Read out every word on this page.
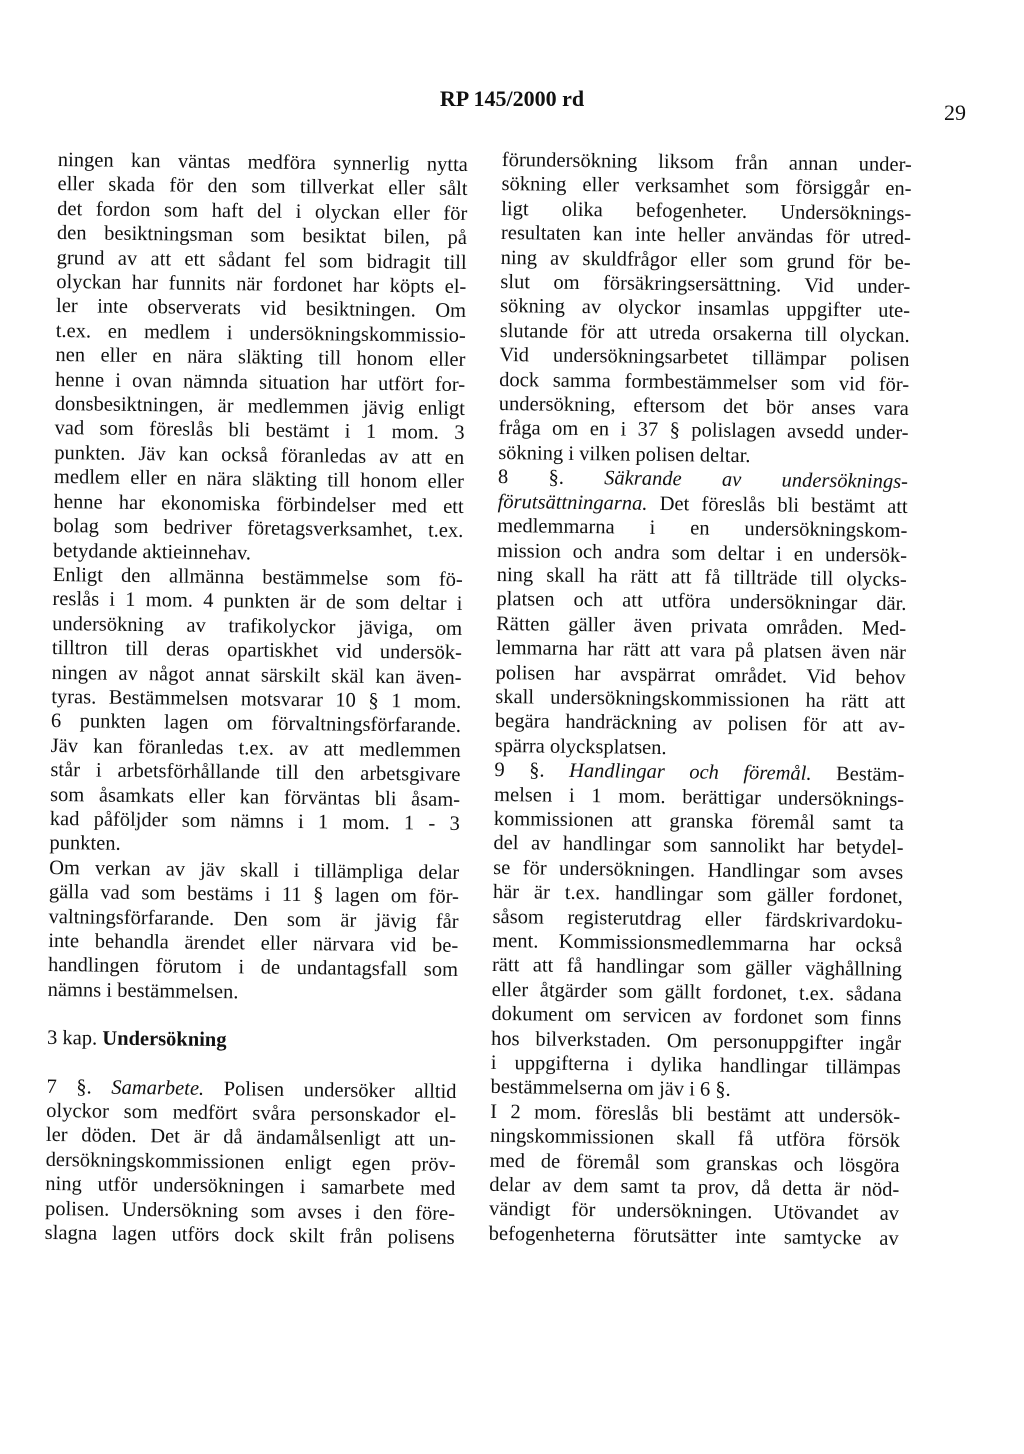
RP 145/2000 rd
29
ningen kan väntas medföra synnerlig nytta
eller skada för den som tillverkat eller sålt
det fordon som haft del i olyckan eller för
den besiktningsman som besiktat bilen, på
grund av att ett sådant fel som bidragit till
olyckan har funnits när fordonet har köpts el-
ler inte observerats vid besiktningen. Om
t.ex. en medlem i undersökningskommissio-
nen eller en nära släkting till honom eller
henne i ovan nämnda situation har utfört for-
donsbesiktningen, är medlemmen jävig enligt
vad som föreslås bli bestämt i 1 mom. 3
punkten. Jäv kan också föranledas av att en
medlem eller en nära släkting till honom eller
henne har ekonomiska förbindelser med ett
bolag som bedriver företagsverksamhet, t.ex.
betydande aktieinnehav.
Enligt den allmänna bestämmelse som fö-
reslås i 1 mom. 4 punkten är de som deltar i
undersökning av trafikolyckor jäviga, om
tilltron till deras opartiskhet vid undersök-
ningen av något annat särskilt skäl kan även-
tyras. Bestämmelsen motsvarar 10 § 1 mom.
6 punkten lagen om förvaltningsförfarande.
Jäv kan föranledas t.ex. av att medlemmen
står i arbetsförhållande till den arbetsgivare
som åsamkats eller kan förväntas bli åsam-
kad påföljder som nämns i 1 mom. 1 - 3
punkten.
Om verkan av jäv skall i tillämpliga delar
gälla vad som bestäms i 11 § lagen om för-
valtningsförfarande. Den som är jävig får
inte behandla ärendet eller närvara vid be-
handlingen förutom i de undantagsfall som
nämns i bestämmelsen.
3 kap. Undersökning
7 §. Samarbete. Polisen undersöker alltid
olyckor som medfört svåra personskador el-
ler döden. Det är då ändamålsenligt att un-
dersökningskommissionen enligt egen pröv-
ning utför undersökningen i samarbete med
polisen. Undersökning som avses i den före-
slagna lagen utförs dock skilt från polisens
förundersökning liksom från annan under-
sökning eller verksamhet som försiggår en-
ligt olika befogenheter. Undersöknings-
resultaten kan inte heller användas för utred-
ning av skuldfrågor eller som grund för be-
slut om försäkringsersättning. Vid under-
sökning av olyckor insamlas uppgifter ute-
slutande för att utreda orsakerna till olyckan.
Vid undersökningsarbetet tillämpar polisen
dock samma formbestämmelser som vid för-
undersökning, eftersom det bör anses vara
fråga om en i 37 § polislagen avsedd under-
sökning i vilken polisen deltar.
8 §. Säkrande av undersöknings-
förutsättningarna. Det föreslås bli bestämt att
medlemmarna i en undersökningskom-
mission och andra som deltar i en undersök-
ning skall ha rätt att få tillträde till olycks-
platsen och att utföra undersökningar där.
Rätten gäller även privata områden. Med-
lemmarna har rätt att vara på platsen även när
polisen har avspärrat området. Vid behov
skall undersökningskommissionen ha rätt att
begära handräckning av polisen för att av-
spärra olycksplatsen.
9 §. Handlingar och föremål. Bestäm-
melsen i 1 mom. berättigar undersöknings-
kommissionen att granska föremål samt ta
del av handlingar som sannolikt har betydel-
se för undersökningen. Handlingar som avses
här är t.ex. handlingar som gäller fordonet,
såsom registerutdrag eller färdskrivardoku-
ment. Kommissionsmedlemmarna har också
rätt att få handlingar som gäller väghållning
eller åtgärder som gällt fordonet, t.ex. sådana
dokument om servicen av fordonet som finns
hos bilverkstaden. Om personuppgifter ingår
i uppgifterna i dylika handlingar tillämpas
bestämmelserna om jäv i 6 §.
I 2 mom. föreslås bli bestämt att undersök-
ningskommissionen skall få utföra försök
med de föremål som granskas och lösgöra
delar av dem samt ta prov, då detta är nöd-
vändigt för undersökningen. Utövandet av
befogenheterna förutsätter inte samtycke av
